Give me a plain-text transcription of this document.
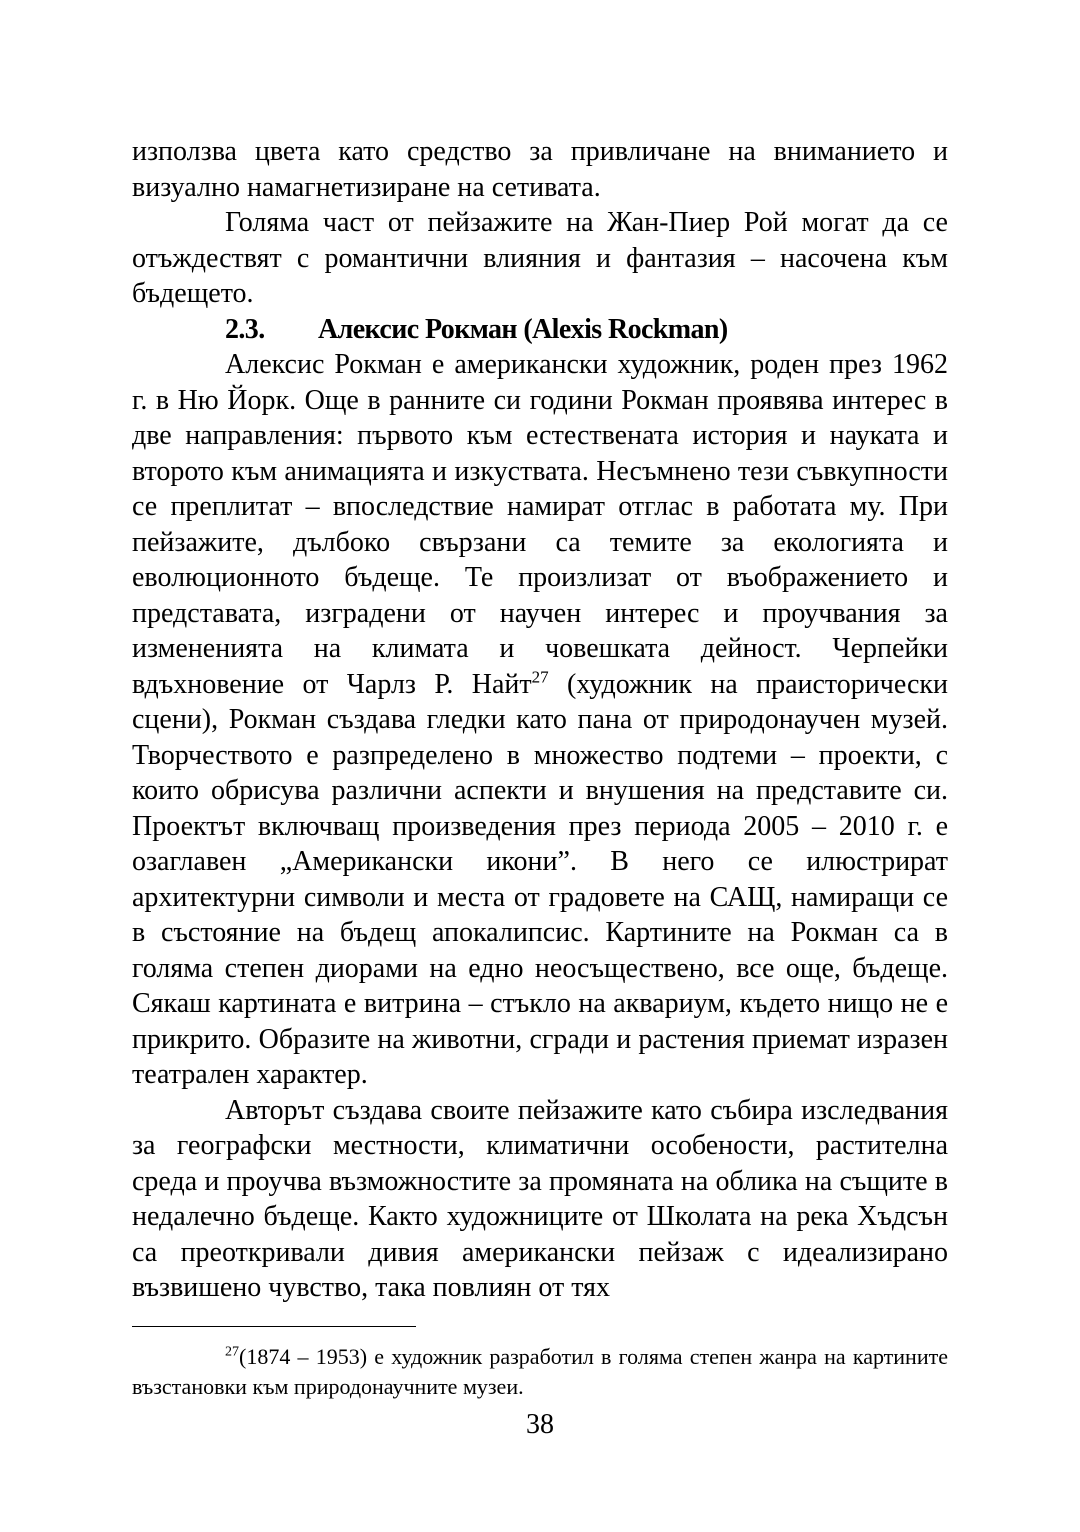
използва цвета като средство за привличане на вниманието и визуално намагнетизиране на сетивата.

Голяма част от пейзажите на Жан-Пиер Рой могат да се отъждествят с романтични влияния и фантазия – насочена към бъдещето.

2.3. Алексис Рокман (Alexis Rockman)

Алексис Рокман е американски художник, роден през 1962 г. в Ню Йорк. Още в ранните си години Рокман проявява интерес в две направления: първото към естествената история и науката и второто към анимацията и изкуствата. Несъмнено тези съвкупности се преплитат – впоследствие намират отглас в работата му. При пейзажите, дълбоко свързани са темите за екологията и еволюционното бъдеще. Те произлизат от въображението и представата, изградени от научен интерес и проучвания за измененията на климата и човешката дейност. Черпейки вдъхновение от Чарлз Р. Найт$^{27}$ (художник на праисторически сцени), Рокман създава гледки като пана от природонаучен музей. Творчеството е разпределено в множество подтеми – проекти, с които обрисува различни аспекти и внушения на представите си. Проектът включващ произведения през периода 2005 – 2010 г. е озаглавен „Американски икони”. В него се илюстрират архитектурни символи и места от градовете на САЩ, намиращи се в състояние на бъдещ апокалипсис. Картините на Рокман са в голяма степен диорами на едно неосъществено, все още, бъдеще. Сякаш картината е витрина – стъкло на аквариум, където нищо не е прикрито. Образите на животни, сгради и растения приемат изразен театрален характер.

Авторът създава своите пейзажите като събира изследвания за географски местности, климатични особености, растителна среда и проучва възможностите за промяната на облика на същите в недалечно бъдеще. Както художниците от Школата на река Хъдсън са преоткривали дивия американски пейзаж с идеализирано възвишено чувство, така повлиян от тях

$^{27}$(1874 – 1953) е художник разработил в голяма степен жанра на картините възстановки към природонаучните музеи.

38
